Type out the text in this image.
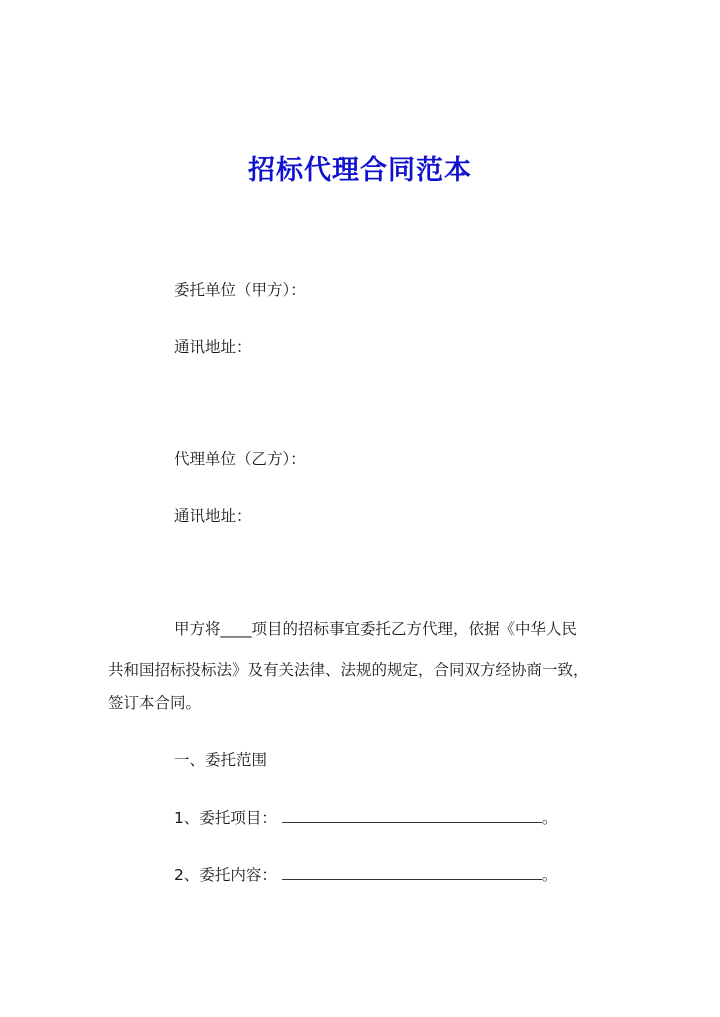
招标代理合同范本
委托单位（甲方）：
通讯地址：
代理单位（乙方）：
通讯地址：
甲方将____项目的招标事宜委托乙方代理，依据《中华人民
共和国招标投标法》及有关法律、法规的规定，合同双方经协商一致，
签订本合同。
一、委托范围
1、委托项目：	。
2、委托内容：	。
